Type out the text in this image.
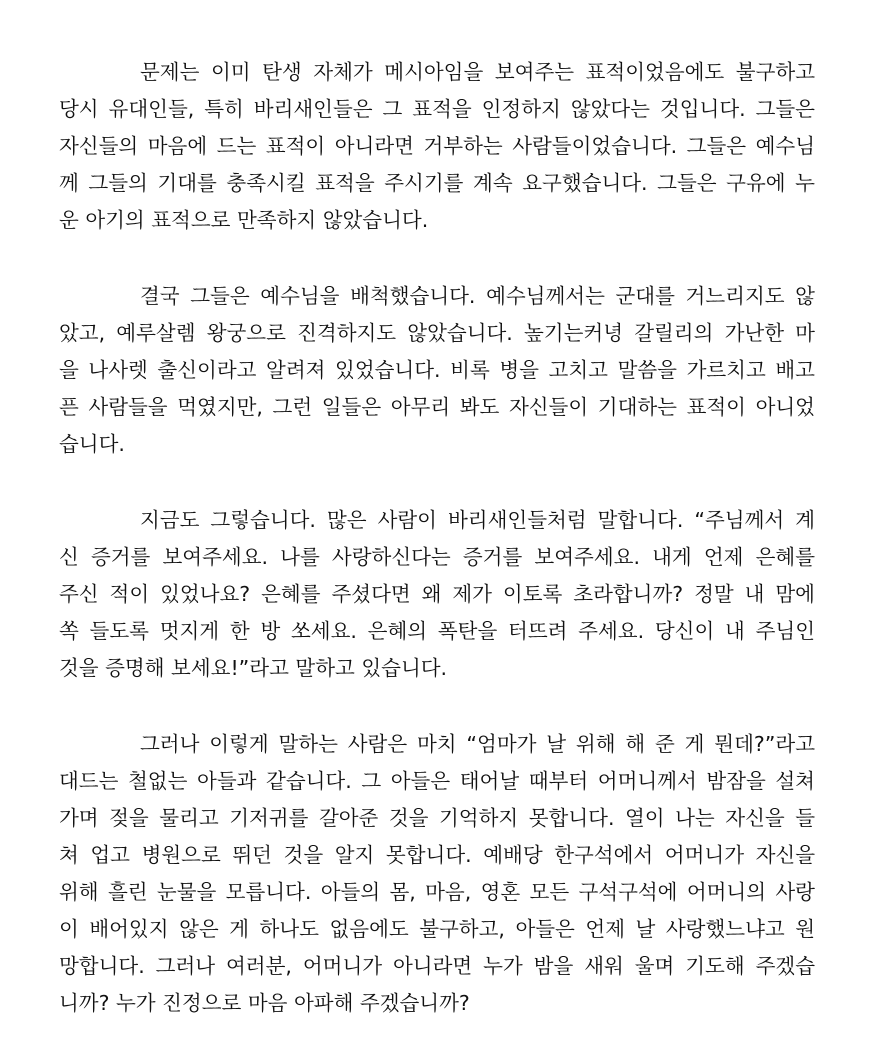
문제는 이미 탄생 자체가 메시아임을 보여주는 표적이었음에도 불구하고
당시 유대인들, 특히 바리새인들은 그 표적을 인정하지 않았다는 것입니다. 그들은
자신들의 마음에 드는 표적이 아니라면 거부하는 사람들이었습니다. 그들은 예수님
께 그들의 기대를 충족시킬 표적을 주시기를 계속 요구했습니다. 그들은 구유에 누
운 아기의 표적으로 만족하지 않았습니다.
결국 그들은 예수님을 배척했습니다. 예수님께서는 군대를 거느리지도 않
았고, 예루살렘 왕궁으로 진격하지도 않았습니다. 높기는커녕 갈릴리의 가난한 마
을 나사렛 출신이라고 알려져 있었습니다. 비록 병을 고치고 말씀을 가르치고 배고
픈 사람들을 먹였지만, 그런 일들은 아무리 봐도 자신들이 기대하는 표적이 아니었
습니다.
지금도 그렇습니다. 많은 사람이 바리새인들처럼 말합니다. “주님께서 계
신 증거를 보여주세요. 나를 사랑하신다는 증거를 보여주세요. 내게 언제 은혜를
주신 적이 있었나요? 은혜를 주셨다면 왜 제가 이토록 초라합니까? 정말 내 맘에
쏙 들도록 멋지게 한 방 쏘세요. 은혜의 폭탄을 터뜨려 주세요. 당신이 내 주님인
것을 증명해 보세요!”라고 말하고 있습니다.
그러나 이렇게 말하는 사람은 마치 “엄마가 날 위해 해 준 게 뭔데?”라고
대드는 철없는 아들과 같습니다. 그 아들은 태어날 때부터 어머니께서 밤잠을 설쳐
가며 젖을 물리고 기저귀를 갈아준 것을 기억하지 못합니다. 열이 나는 자신을 들
쳐 업고 병원으로 뛰던 것을 알지 못합니다. 예배당 한구석에서 어머니가 자신을
위해 흘린 눈물을 모릅니다. 아들의 몸, 마음, 영혼 모든 구석구석에 어머니의 사랑
이 배어있지 않은 게 하나도 없음에도 불구하고, 아들은 언제 날 사랑했느냐고 원
망합니다. 그러나 여러분, 어머니가 아니라면 누가 밤을 새워 울며 기도해 주겠습
니까? 누가 진정으로 마음 아파해 주겠습니까?
